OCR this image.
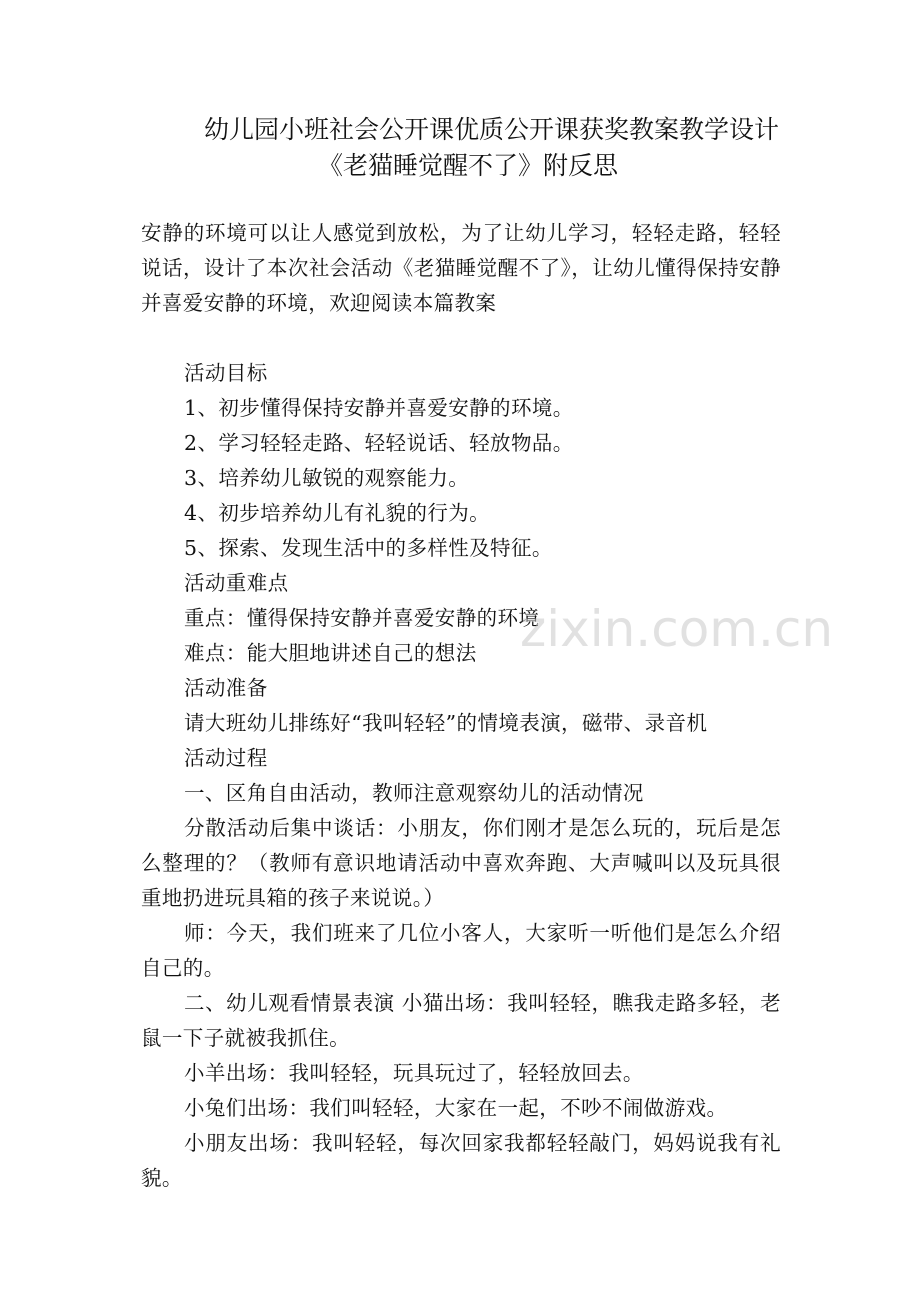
幼儿园小班社会公开课优质公开课获奖教案教学设计
《老猫睡觉醒不了》附反思

安静的环境可以让人感觉到放松，为了让幼儿学习，轻轻走路，轻轻说话，设计了本次社会活动《老猫睡觉醒不了》，让幼儿懂得保持安静并喜爱安静的环境，欢迎阅读本篇教案

活动目标

1、初步懂得保持安静并喜爱安静的环境。

2、学习轻轻走路、轻轻说话、轻放物品。

3、培养幼儿敏锐的观察能力。

4、初步培养幼儿有礼貌的行为。

5、探索、发现生活中的多样性及特征。

活动重难点

重点：懂得保持安静并喜爱安静的环境

难点：能大胆地讲述自己的想法

活动准备

请大班幼儿排练好“我叫轻轻”的情境表演，磁带、录音机

活动过程

一、区角自由活动，教师注意观察幼儿的活动情况

分散活动后集中谈话：小朋友，你们刚才是怎么玩的，玩后是怎么整理的？（教师有意识地请活动中喜欢奔跑、大声喊叫以及玩具很重地扔进玩具箱的孩子来说说。）

师：今天，我们班来了几位小客人，大家听一听他们是怎么介绍自己的。

二、幼儿观看情景表演 小猫出场：我叫轻轻，瞧我走路多轻，老鼠一下子就被我抓住。

小羊出场：我叫轻轻，玩具玩过了，轻轻放回去。

小兔们出场：我们叫轻轻，大家在一起，不吵不闹做游戏。

小朋友出场：我叫轻轻，每次回家我都轻轻敲门，妈妈说我有礼貌。

zixin.com.cn
